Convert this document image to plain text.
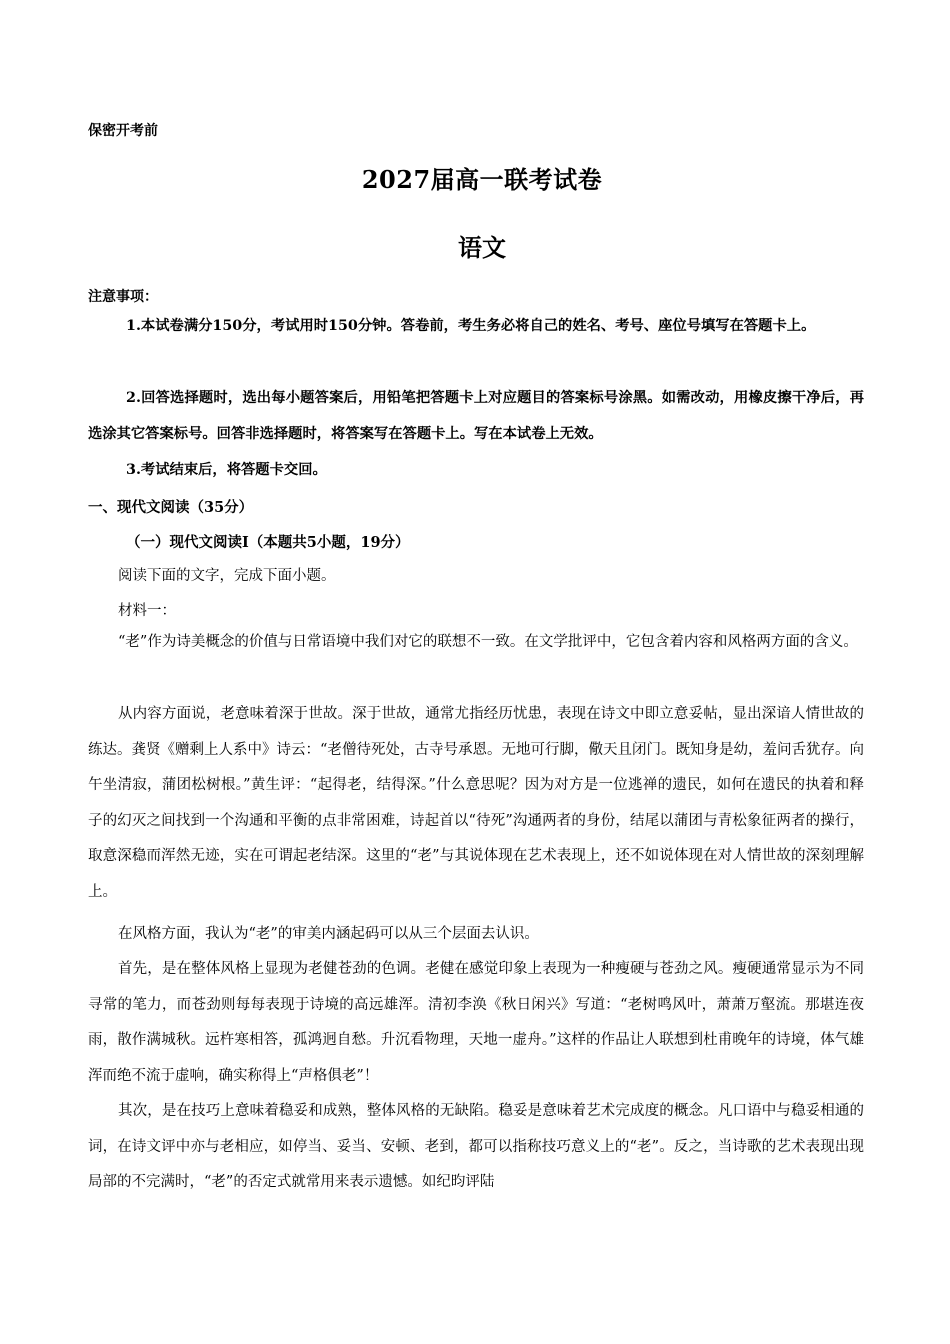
保密开考前
2027届高一联考试卷
语文
注意事项：
1.本试卷满分150分，考试用时150分钟。答卷前，考生务必将自己的姓名、考号、座位号填写在答题卡上。
2.回答选择题时，选出每小题答案后，用铅笔把答题卡上对应题目的答案标号涂黑。如需改动，用橡皮擦干净后，再选涂其它答案标号。回答非选择题时，将答案写在答题卡上。写在本试卷上无效。
3.考试结束后，将答题卡交回。
一、现代文阅读（35分）
（一）现代文阅读I（本题共5小题，19分）
阅读下面的文字，完成下面小题。
材料一：
“老”作为诗美概念的价值与日常语境中我们对它的联想不一致。在文学批评中，它包含着内容和风格两方面的含义。
从内容方面说，老意味着深于世故。深于世故，通常尤指经历忧患，表现在诗文中即立意妥帖，显出深谙人情世故的练达。龚贤《赠剩上人系中》诗云：“老僧待死处，古寺号承恩。无地可行脚，儆天且闭门。既知身是幼，羞问舌犹存。向午坐清寂，蒲团松树根。”黄生评：“起得老，结得深。”什么意思呢？因为对方是一位逃禅的遗民，如何在遗民的执着和释子的幻灭之间找到一个沟通和平衡的点非常困难，诗起首以“待死”沟通两者的身份，结尾以蒲团与青松象征两者的操行，取意深稳而浑然无迹，实在可谓起老结深。这里的“老”与其说体现在艺术表现上，还不如说体现在对人情世故的深刻理解上。
在风格方面，我认为“老”的审美内涵起码可以从三个层面去认识。
首先，是在整体风格上显现为老健苍劲的色调。老健在感觉印象上表现为一种瘦硬与苍劲之风。瘦硬通常显示为不同寻常的笔力，而苍劲则每每表现于诗境的高远雄浑。清初李涣《秋日闲兴》写道：“老树鸣风叶，萧萧万壑流。那堪连夜雨，散作满城秋。远杵寒相答，孤鸿迥自愁。升沉看物理，天地一虚舟。”这样的作品让人联想到杜甫晚年的诗境，体气雄浑而绝不流于虚响，确实称得上“声格俱老”！
其次，是在技巧上意味着稳妥和成熟，整体风格的无缺陷。稳妥是意味着艺术完成度的概念。凡口语中与稳妥相通的词，在诗文评中亦与老相应，如停当、妥当、安顿、老到，都可以指称技巧意义上的“老”。反之，当诗歌的艺术表现出现局部的不完满时，“老”的否定式就常用来表示遗憾。如纪昀评陆
